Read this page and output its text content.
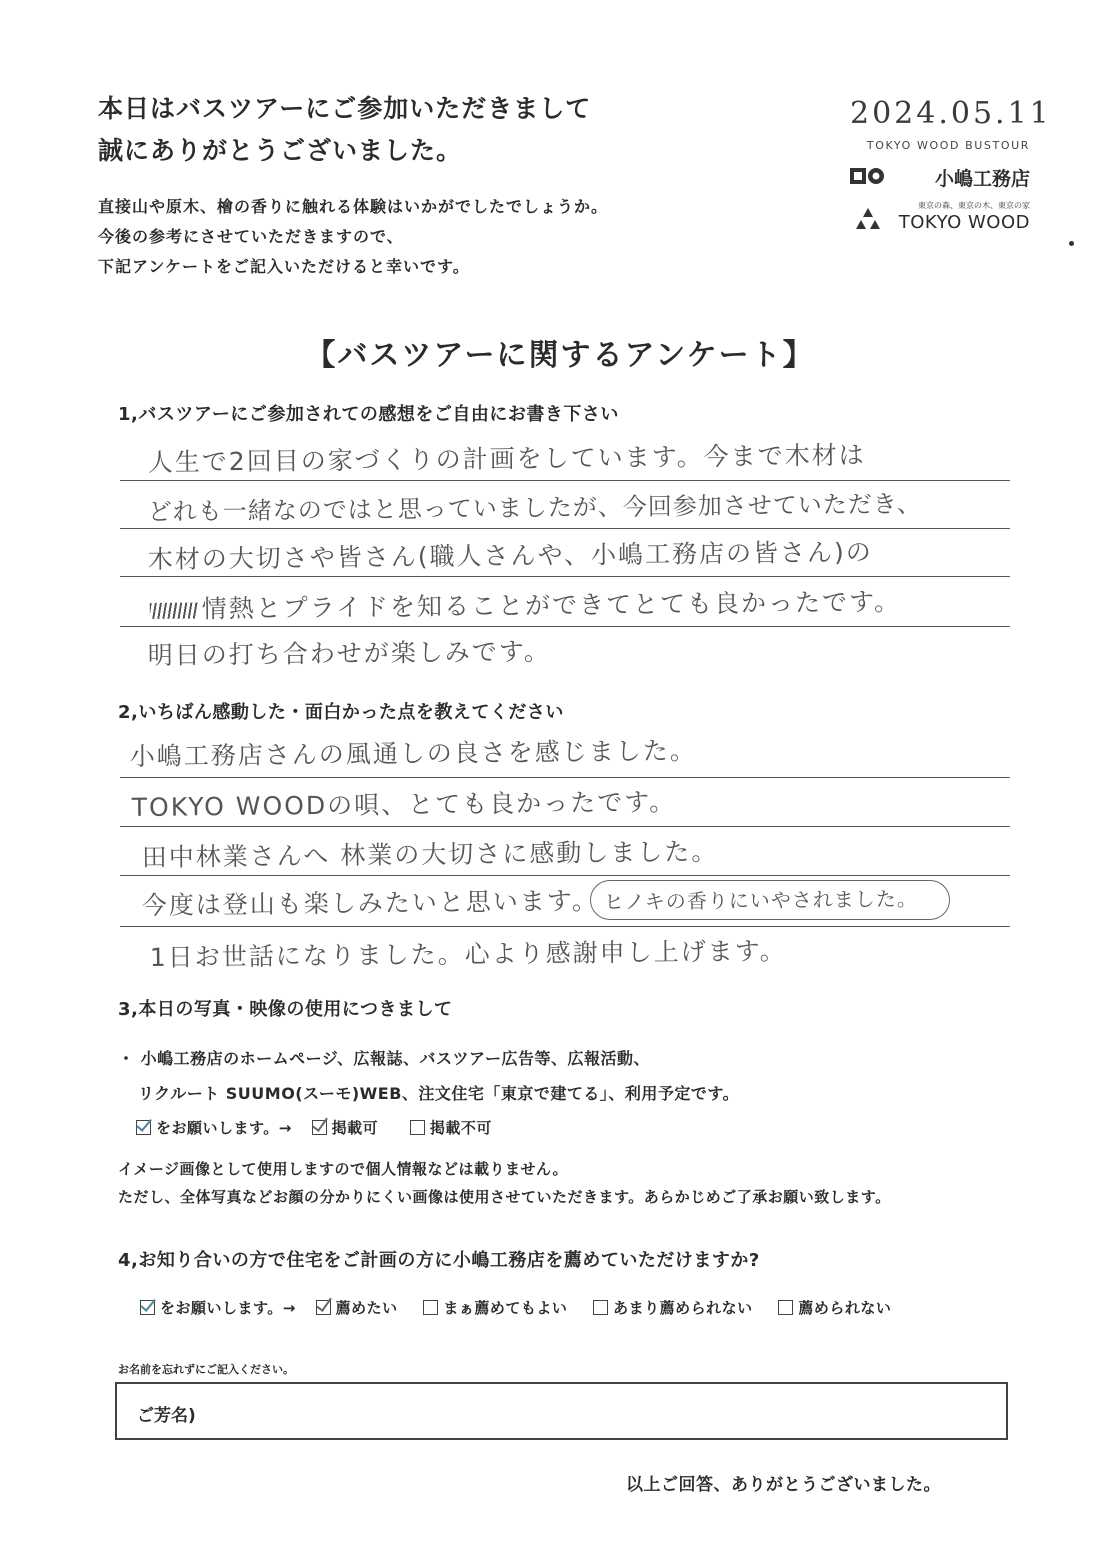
本日はバスツアーにご参加いただきまして
誠にありがとうございました。
直接山や原木、檜の香りに触れる体験はいかがでしたでしょうか。
今後の参考にさせていただきますので、
下記アンケートをご記入いただけると幸いです。
2024.05.11
TOKYO WOOD BUSTOUR
小嶋工務店
東京の森、東京の木、東京の家
TOKYO WOOD
【バスツアーに関するアンケート】
1,バスツアーにご参加されての感想をご自由にお書き下さい
人生で2回目の家づくりの計画をしています。今まで木材は
どれも一緒なのではと思っていましたが、今回参加させていただき、
木材の大切さや皆さん(職人さんや、小嶋工務店の皆さん)の
情熱とプライドを知ることができてとても良かったです。
明日の打ち合わせが楽しみです。
2,いちばん感動した・面白かった点を教えてください
小嶋工務店さんの風通しの良さを感じました。
TOKYO WOODの唄、とても良かったです。
田中林業さんへ 林業の大切さに感動しました。
今度は登山も楽しみたいと思います。 ヒノキの香りにいやされました。
1日お世話になりました。心より感謝申し上げます。
3,本日の写真・映像の使用につきまして
・ 小嶋工務店のホームページ、広報誌、バスツアー広告等、広報活動、
リクルート SUUMO(スーモ)WEB、注文住宅「東京で建てる」、利用予定です。
をお願いします。→	掲載可	掲載不可
イメージ画像として使用しますので個人情報などは載りません。
ただし、全体写真などお顔の分かりにくい画像は使用させていただきます。あらかじめご了承お願い致します。
4,お知り合いの方で住宅をご計画の方に小嶋工務店を薦めていただけますか?
をお願いします。→	薦めたい	まぁ薦めてもよい	あまり薦められない	薦められない
お名前を忘れずにご記入ください。
ご芳名)
以上ご回答、ありがとうございました。
